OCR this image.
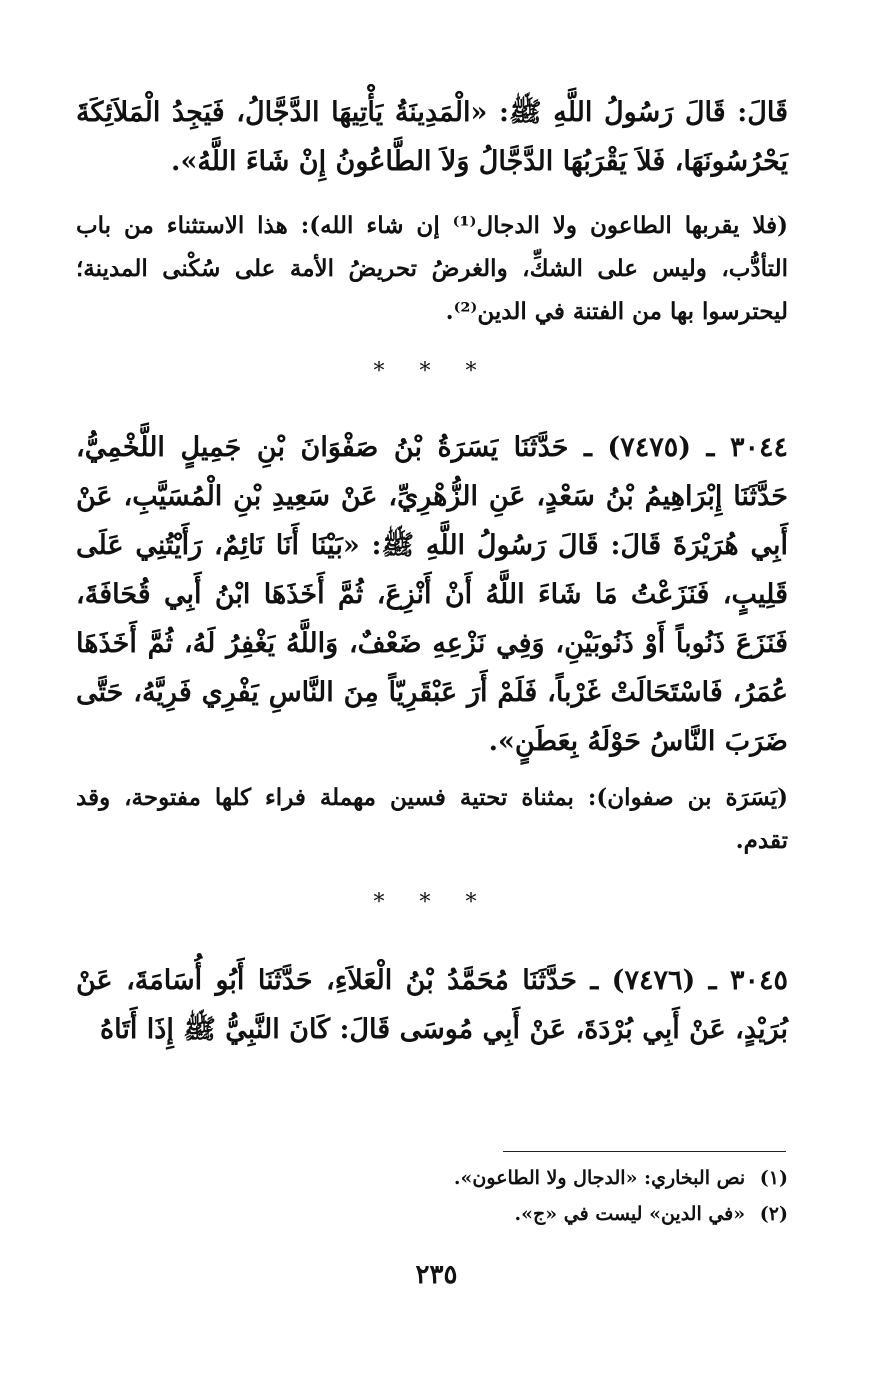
قَالَ: قَالَ رَسُولُ اللَّهِ ﷺ: «الْمَدِينَةُ يَأْتِيهَا الدَّجَّالُ، فَيَجِدُ الْمَلاَئِكَةَ يَحْرُسُونَهَا، فَلاَ يَقْرَبُهَا الدَّجَّالُ وَلاَ الطَّاعُونُ إِنْ شَاءَ اللَّهُ».

(فلا يقربها الطاعون ولا الدجال⁽¹⁾ إن شاء الله): هذا الاستثناء من باب التأدُّب، وليس على الشكِّ، والغرضُ تحريضُ الأمة على سُكْنى المدينة؛ ليحترسوا بها من الفتنة في الدين⁽²⁾.

* * *

٣٠٤٤ ـ (٧٤٧٥) ـ حَدَّثَنَا يَسَرَةُ بْنُ صَفْوَانَ بْنِ جَمِيلٍ اللَّخْمِيُّ، حَدَّثَنَا إِبْرَاهِيمُ بْنُ سَعْدٍ، عَنِ الزُّهْرِيِّ، عَنْ سَعِيدِ بْنِ الْمُسَيَّبِ، عَنْ أَبِي هُرَيْرَةَ قَالَ: قَالَ رَسُولُ اللَّهِ ﷺ: «بَيْنَا أَنَا نَائِمٌ، رَأَيْتُنِي عَلَى قَلِيبٍ، فَنَزَعْتُ مَا شَاءَ اللَّهُ أَنْ أَنْزِعَ، ثُمَّ أَخَذَهَا ابْنُ أَبِي قُحَافَةَ، فَنَزَعَ ذَنُوباً أَوْ ذَنُوبَيْنِ، وَفِي نَزْعِهِ ضَعْفٌ، وَاللَّهُ يَغْفِرُ لَهُ، ثُمَّ أَخَذَهَا عُمَرُ، فَاسْتَحَالَتْ غَرْباً، فَلَمْ أَرَ عَبْقَرِيّاً مِنَ النَّاسِ يَفْرِي فَرِيَّهُ، حَتَّى ضَرَبَ النَّاسُ حَوْلَهُ بِعَطَنٍ».

(يَسَرَة بن صفوان): بمثناة تحتية فسين مهملة فراء كلها مفتوحة، وقد تقدم.

* * *

٣٠٤٥ ـ (٧٤٧٦) ـ حَدَّثَنَا مُحَمَّدُ بْنُ الْعَلاَءِ، حَدَّثَنَا أَبُو أُسَامَةَ، عَنْ بُرَيْدٍ، عَنْ أَبِي بُرْدَةَ، عَنْ أَبِي مُوسَى قَالَ: كَانَ النَّبِيُّ ﷺ إِذَا أَتَاهُ

(١) نص البخاري: «الدجال ولا الطاعون».

(٢) «في الدين» ليست في «ج».

٢٣٥
